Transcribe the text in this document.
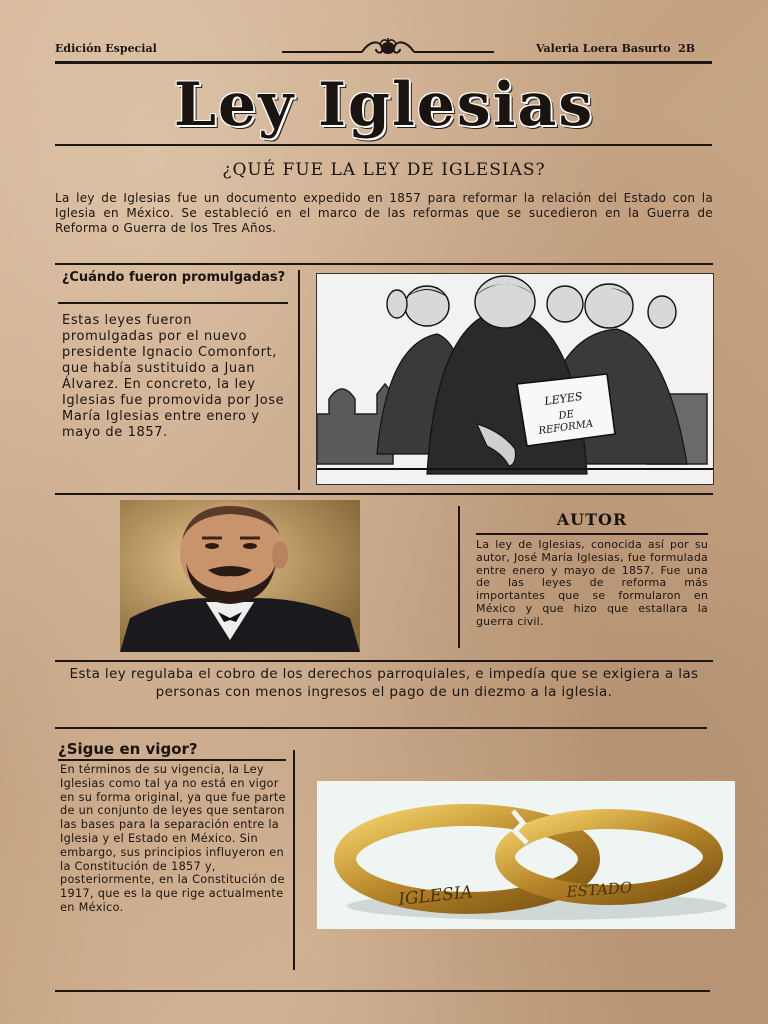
Edición Especial	Valeria Loera Basurto 2B
Ley Iglesias
¿QUÉ FUE LA LEY DE IGLESIAS?
La ley de Iglesias fue un documento expedido en 1857 para reformar la relación del Estado con la Iglesia en México. Se estableció en el marco de las reformas que se sucedieron en la Guerra de Reforma o Guerra de los Tres Años.
¿Cuándo fueron promulgadas?
Estas leyes fueron promulgadas por el nuevo presidente Ignacio Comonfort, que había sustituido a Juan Álvarez. En concreto, la ley Iglesias fue promovida por Jose María Iglesias entre enero y mayo de 1857.
LEYES
DE
REFORMA
AUTOR
La ley de Iglesias, conocida así por su autor, José María Iglesias, fue formulada entre enero y mayo de 1857. Fue una de las leyes de reforma más importantes que se formularon en México y que hizo que estallara la guerra civil.
Esta ley regulaba el cobro de los derechos parroquiales, e impedía que se exigiera a las personas con menos ingresos el pago de un diezmo a la iglesia.
¿Sigue en vigor?
En términos de su vigencia, la Ley Iglesias como tal ya no está en vigor en su forma original, ya que fue parte de un conjunto de leyes que sentaron las bases para la separación entre la Iglesia y el Estado en México. Sin embargo, sus principios influyeron en la Constitución de 1857 y, posteriormente, en la Constitución de 1917, que es la que rige actualmente en México.	IGLESIA	ESTADO
